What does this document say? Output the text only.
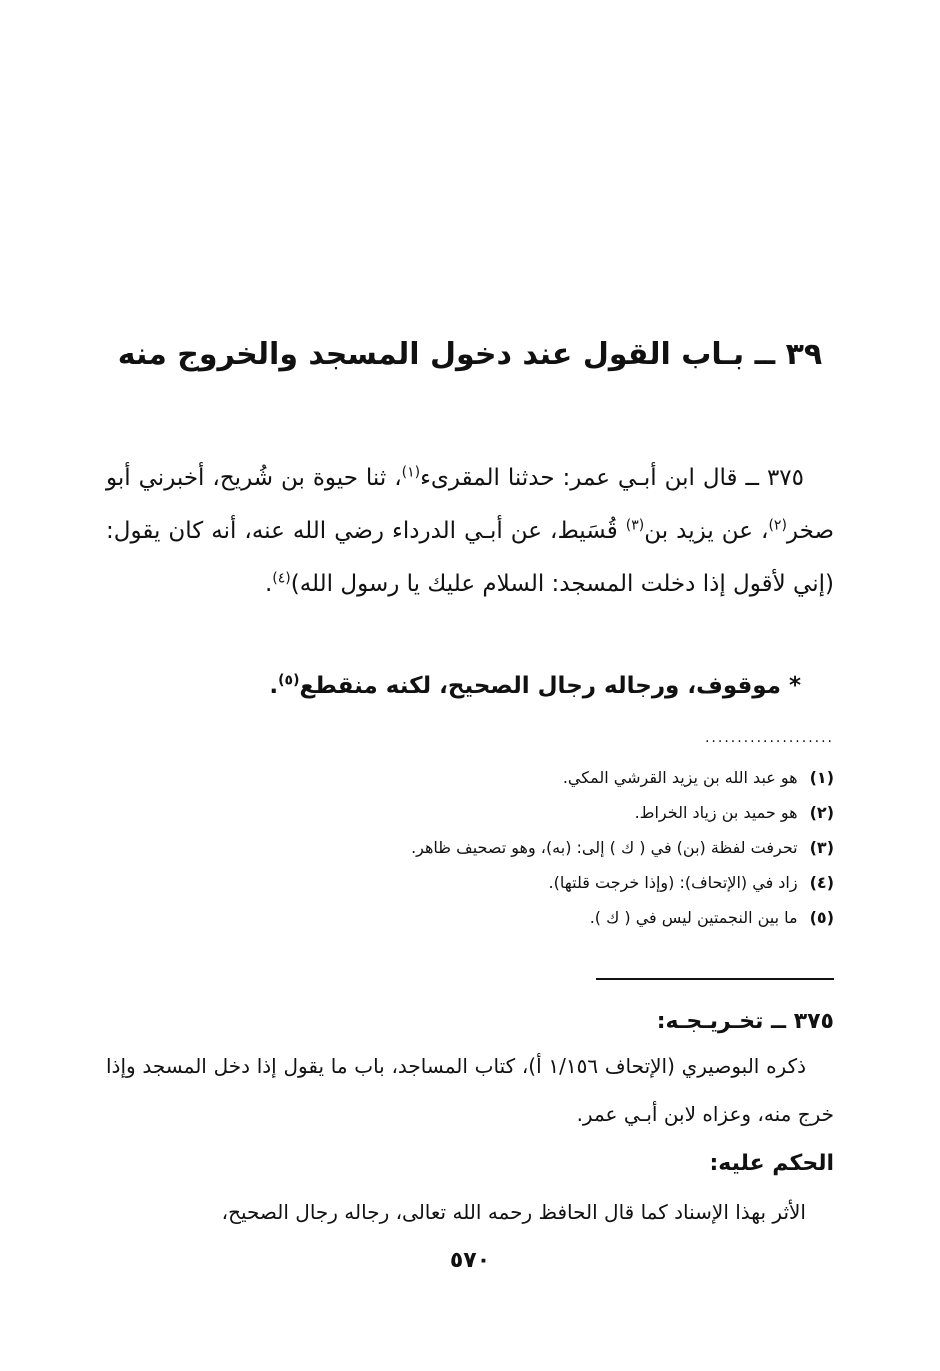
٣٩ ــ بـاب القول عند دخول المسجد والخروج منه

٣٧٥ ــ قال ابن أبـي عمر: حدثنا المقرىء$^{(١)}$، ثنا حيوة بن شُريح، أخبرني أبو صخر$^{(٢)}$، عن يزيد بن$^{(٣)}$ قُسَيط، عن أبـي الدرداء رضي الله عنه، أنه كان يقول: (إني لأقول إذا دخلت المسجد: السلام عليك يا رسول الله)$^{(٤)}$.

* موقوف، ورجاله رجال الصحيح، لكنه منقطع$^{(٥)}$.
....................
(١)هو عبد الله بن يزيد القرشي المكي.
(٢)هو حميد بن زياد الخراط.
(٣)تحرفت لفظة (بن) في ( ك ) إلى: (به)، وهو تصحيف ظاهر.
(٤)زاد في (الإتحاف): (وإذا خرجت قلتها).
(٥)ما بين النجمتين ليس في ( ك ).
٣٧٥ ــ تخـريـجـه:

ذكره البوصيري (الإتحاف ١/١٥٦ أ)، كتاب المساجد، باب ما يقول إذا دخل المسجد وإذا خرج منه، وعزاه لابن أبـي عمر.

الحكم عليه:

الأثر بهذا الإسناد كما قال الحافظ رحمه الله تعالى، رجاله رجال الصحيح،

٥٧٠
